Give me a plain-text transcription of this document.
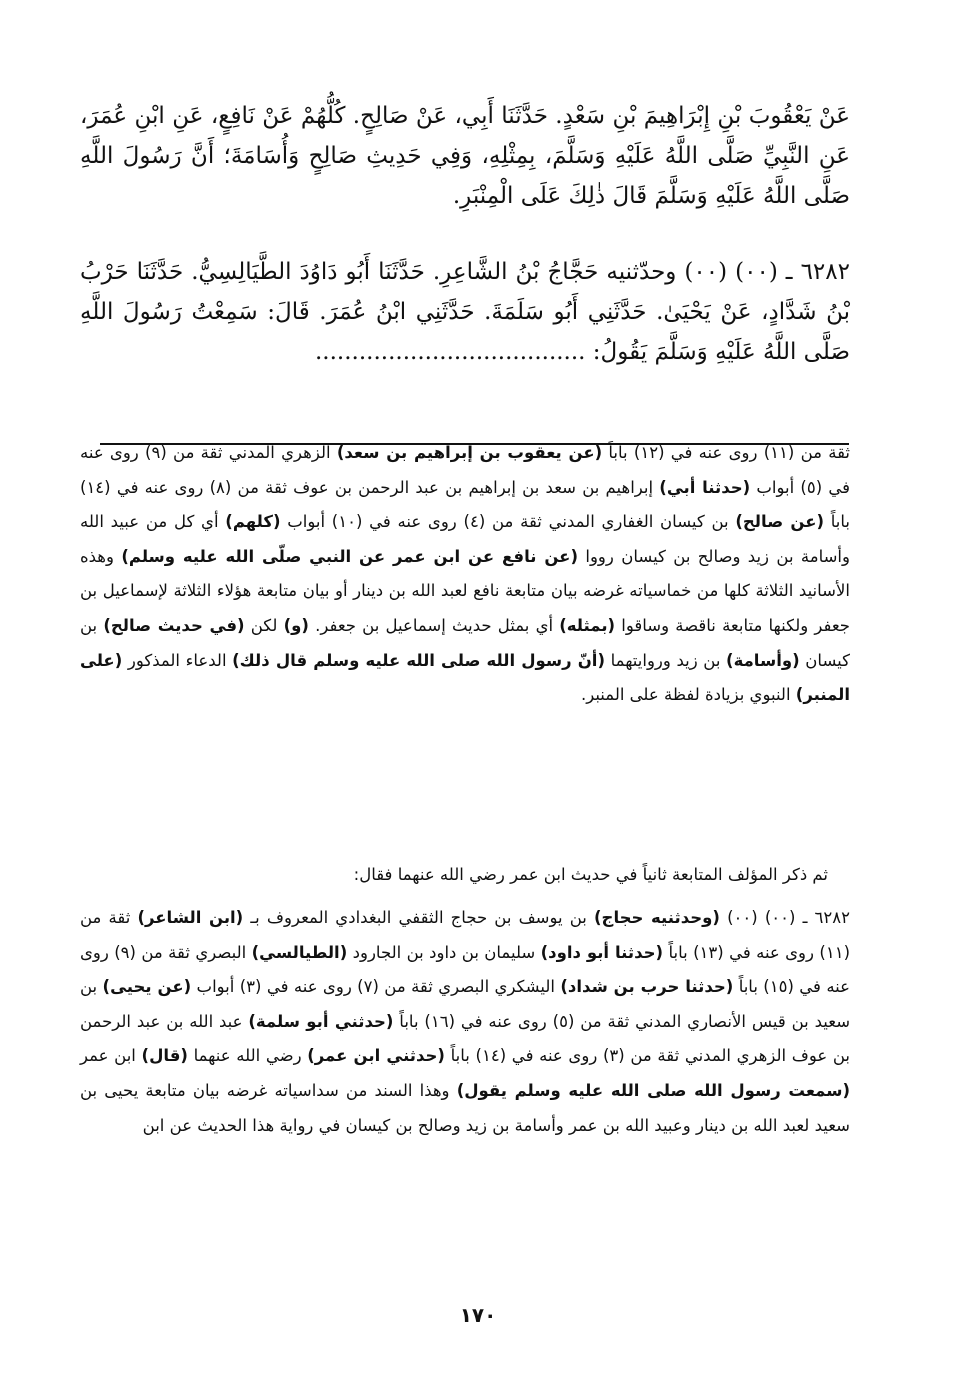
عَنْ يَعْقُوبَ بْنِ إِبْرَاهِيمَ بْنِ سَعْدٍ. حَدَّثَنَا أَبِي، عَنْ صَالِحٍ. كُلُّهُمْ عَنْ نَافِعٍ، عَنِ ابْنِ عُمَرَ، عَنِ النَّبِيِّ صَلَّى اللَّهُ عَلَيْهِ وَسَلَّمَ، بِمِثْلِهِ، وَفِي حَدِيثِ صَالِحٍ وَأُسَامَةَ؛ أَنَّ رَسُولَ اللَّهِ صَلَّى اللَّهُ عَلَيْهِ وَسَلَّمَ قَالَ ذٰلِكَ عَلَى الْمِنْبَرِ.

٦٢٨٢ ـ (٠٠) (٠٠) وحدّثنيه حَجَّاجُ بْنُ الشَّاعِرِ. حَدَّثَنَا أَبُو دَاوُدَ الطَّيَالِسِيُّ. حَدَّثَنَا حَرْبُ بْنُ شَدَّادٍ، عَنْ يَحْيَىٰ. حَدَّثَنِي أَبُو سَلَمَةَ. حَدَّثَنِي ابْنُ عُمَرَ. قَالَ: سَمِعْتُ رَسُولَ اللَّهِ صَلَّى اللَّهُ عَلَيْهِ وَسَلَّمَ يَقُولُ: .....................................

ثقة من (١١) روى عنه في (١٢) باباً (عن يعقوب بن إبراهيم بن سعد) الزهري المدني ثقة من (٩) روى عنه في (٥) أبواب (حدثنا أبي) إبراهيم بن سعد بن إبراهيم بن عبد الرحمن بن عوف ثقة من (٨) روى عنه في (١٤) باباً (عن صالح) بن كيسان الغفاري المدني ثقة من (٤) روى عنه في (١٠) أبواب (كلهم) أي كل من عبيد الله وأسامة بن زيد وصالح بن كيسان رووا (عن نافع عن ابن عمر عن النبي صلّى الله عليه وسلم) وهذه الأسانيد الثلاثة كلها من خماسياته غرضه بيان متابعة نافع لعبد الله بن دينار أو بيان متابعة هؤلاء الثلاثة لإسماعيل بن جعفر ولكنها متابعة ناقصة وساقوا (بمثله) أي بمثل حديث إسماعيل بن جعفر. (و) لكن (في حديث صالح) بن كيسان (وأسامة) بن زيد وروايتهما (أنّ رسول الله صلى الله عليه وسلم قال ذلك) الدعاء المذكور (على المنبر) النبوي بزيادة لفظة على المنبر.

ثم ذكر المؤلف المتابعة ثانياً في حديث ابن عمر رضي الله عنهما فقال:

٦٢٨٢ ـ (٠٠) (٠٠) (وحدثنيه حجاج) بن يوسف بن حجاج الثقفي البغدادي المعروف بـ (ابن الشاعر) ثقة من (١١) روى عنه في (١٣) باباً (حدثنا أبو داود) سليمان بن داود بن الجارود (الطيالسي) البصري ثقة من (٩) روى عنه في (١٥) باباً (حدثنا حرب بن شداد) اليشكري البصري ثقة من (٧) روى عنه في (٣) أبواب (عن يحيى) بن سعيد بن قيس الأنصاري المدني ثقة من (٥) روى عنه في (١٦) باباً (حدثني أبو سلمة) عبد الله بن عبد الرحمن بن عوف الزهري المدني ثقة من (٣) روى عنه في (١٤) باباً (حدثني ابن عمر) رضي الله عنهما (قال) ابن عمر (سمعت رسول الله صلى الله عليه وسلم يقول) وهذا السند من سداسياته غرضه بيان متابعة يحيى بن سعيد لعبد الله بن دينار وعبيد الله بن عمر وأسامة بن زيد وصالح بن كيسان في رواية هذا الحديث عن ابن

١٧٠
